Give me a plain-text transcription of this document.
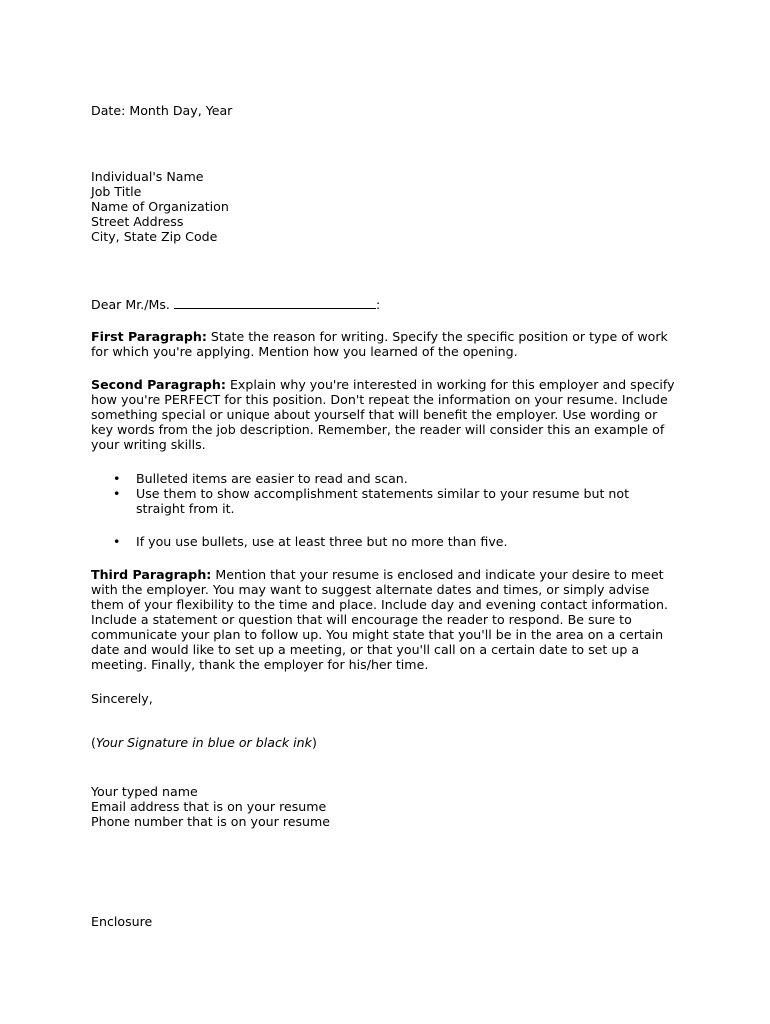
Date: Month Day, Year
Individual's Name
Job Title
Name of Organization
Street Address
City, State Zip Code
Dear Mr./Ms.	:
First Paragraph: State the reason for writing. Specify the specific position or type of work for which you're applying. Mention how you learned of the opening.
Second Paragraph: Explain why you're interested in working for this employer and specify how you're PERFECT for this position. Don't repeat the information on your resume. Include something special or unique about yourself that will benefit the employer. Use wording or key words from the job description. Remember, the reader will consider this an example of your writing skills.
• Bulleted items are easier to read and scan.
• Use them to show accomplishment statements similar to your resume but not straight from it.
• If you use bullets, use at least three but no more than five.
Third Paragraph: Mention that your resume is enclosed and indicate your desire to meet with the employer. You may want to suggest alternate dates and times, or simply advise them of your flexibility to the time and place. Include day and evening contact information. Include a statement or question that will encourage the reader to respond. Be sure to communicate your plan to follow up. You might state that you'll be in the area on a certain date and would like to set up a meeting, or that you'll call on a certain date to set up a meeting. Finally, thank the employer for his/her time.
Sincerely,
(Your Signature in blue or black ink)
Your typed name
Email address that is on your resume
Phone number that is on your resume
Enclosure
